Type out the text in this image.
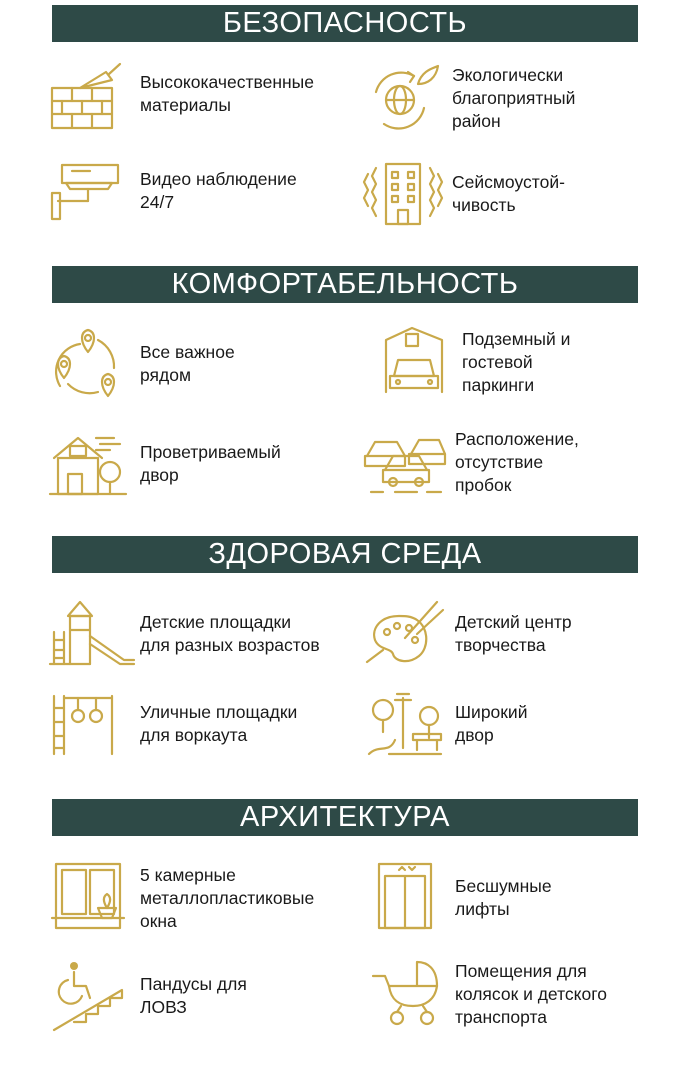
БЕЗОПАСНОСТЬ
Высококачественные
материалы
Экологически
благоприятный
район
Видео наблюдение
24/7
Сейсмоустой-
чивость
КОМФОРТАБЕЛЬНОСТЬ
Все важное
рядом
Подземный и
гостевой
паркинги
Проветриваемый
двор
Расположение,
отсутствие
пробок
ЗДОРОВАЯ СРЕДА
Детские площадки
для разных возрастов
Детский центр
творчества
Уличные площадки
для воркаута
Широкий
двор
АРХИТЕКТУРА
5 камерные
металлопластиковые
окна
Бесшумные
лифты
Пандусы для
ЛОВЗ
Помещения для
колясок и детского
транспорта
